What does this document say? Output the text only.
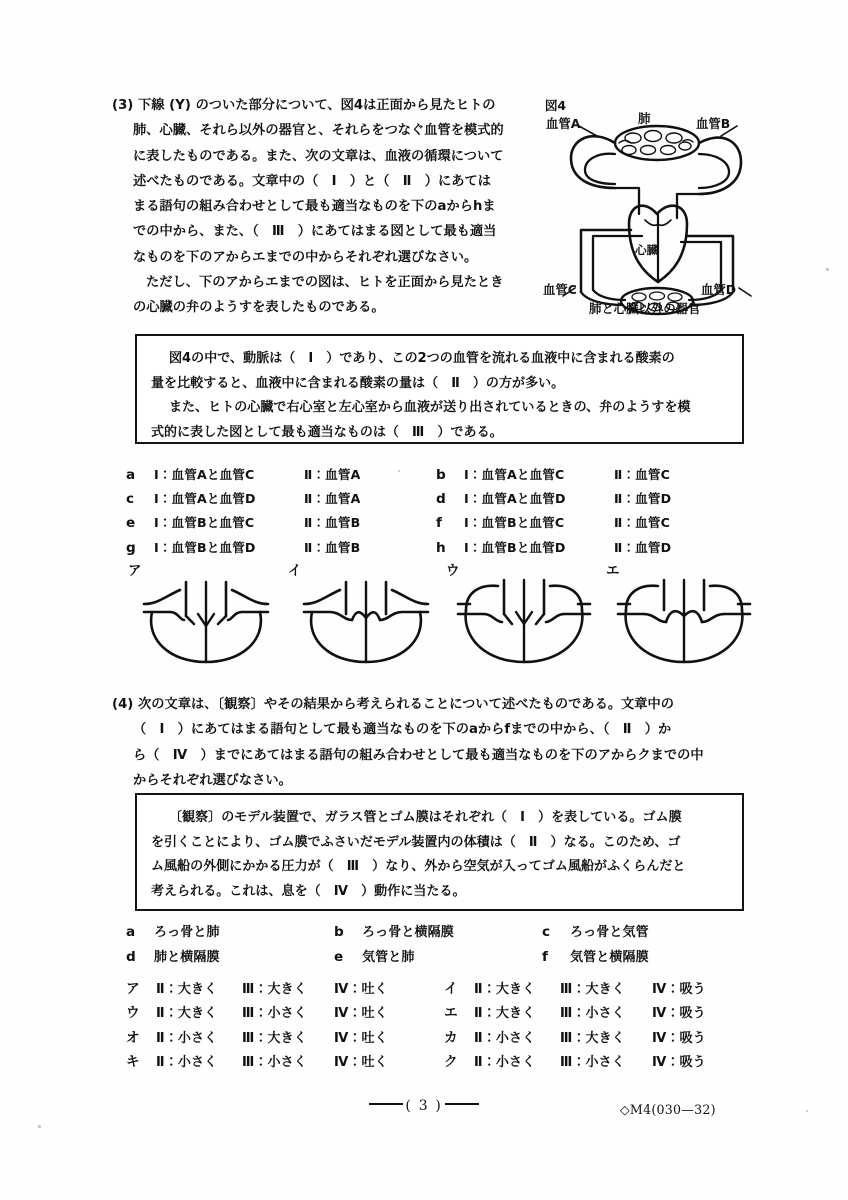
(3) 下線 (Y) のついた部分について、図4は正面から見たヒトの
肺、心臓、それら以外の器官と、それらをつなぐ血管を模式的
に表したものである。また、次の文章は、血液の循環について
述べたものである。文章中の（　Ⅰ　）と（　Ⅱ　）にあては
まる語句の組み合わせとして最も適当なものを下のaからhま
での中から、また、（　Ⅲ　）にあてはまる図として最も適当
なものを下のアからエまでの中からそれぞれ選びなさい。
ただし、下のアからエまでの図は、ヒトを正面から見たとき
の心臓の弁のようすを表したものである。
図4
血管A	肺	血管B
心臓
血管C	血管D
肺と心臓以外の器官
図4の中で、動脈は（　Ⅰ　）であり、この2つの血管を流れる血液中に含まれる酸素の
量を比較すると、血液中に含まれる酸素の量は（　Ⅱ　）の方が多い。
また、ヒトの心臓で右心室と左心室から血液が送り出されているときの、弁のようすを模
式的に表した図として最も適当なものは（　Ⅲ　）である。
a	Ⅰ：血管Aと血管C	Ⅱ：血管A	b	Ⅰ：血管Aと血管C	Ⅱ：血管C
c	Ⅰ：血管Aと血管D	Ⅱ：血管A	d	Ⅰ：血管Aと血管D	Ⅱ：血管D
e	Ⅰ：血管Bと血管C	Ⅱ：血管B	f	Ⅰ：血管Bと血管C	Ⅱ：血管C
g	Ⅰ：血管Bと血管D	Ⅱ：血管B	h	Ⅰ：血管Bと血管D	Ⅱ：血管D
ア	イ	ウ	エ
(4) 次の文章は、〔観察〕やその結果から考えられることについて述べたものである。文章中の
（　Ⅰ　）にあてはまる語句として最も適当なものを下のaからfまでの中から、（　Ⅱ　）か
ら（　Ⅳ　）までにあてはまる語句の組み合わせとして最も適当なものを下のアからクまでの中
からそれぞれ選びなさい。
〔観察〕のモデル装置で、ガラス管とゴム膜はそれぞれ（　Ⅰ　）を表している。ゴム膜
を引くことにより、ゴム膜でふさいだモデル装置内の体積は（　Ⅱ　）なる。このため、ゴ
ム風船の外側にかかる圧力が（　Ⅲ　）なり、外から空気が入ってゴム風船がふくらんだと
考えられる。これは、息を（　Ⅳ　）動作に当たる。
a	ろっ骨と肺	b	ろっ骨と横隔膜	c	ろっ骨と気管
d	肺と横隔膜	e	気管と肺	f	気管と横隔膜
ア	Ⅱ：大きく	Ⅲ：大きく	Ⅳ：吐く	イ	Ⅱ：大きく	Ⅲ：大きく	Ⅳ：吸う
ウ	Ⅱ：大きく	Ⅲ：小さく	Ⅳ：吐く	エ	Ⅱ：大きく	Ⅲ：小さく	Ⅳ：吸う
オ	Ⅱ：小さく	Ⅲ：大きく	Ⅳ：吐く	カ	Ⅱ：小さく	Ⅲ：大きく	Ⅳ：吸う
キ	Ⅱ：小さく	Ⅲ：小さく	Ⅳ：吐く	ク	Ⅱ：小さく	Ⅲ：小さく	Ⅳ：吸う
( 3 )	◇M4(030—32)
